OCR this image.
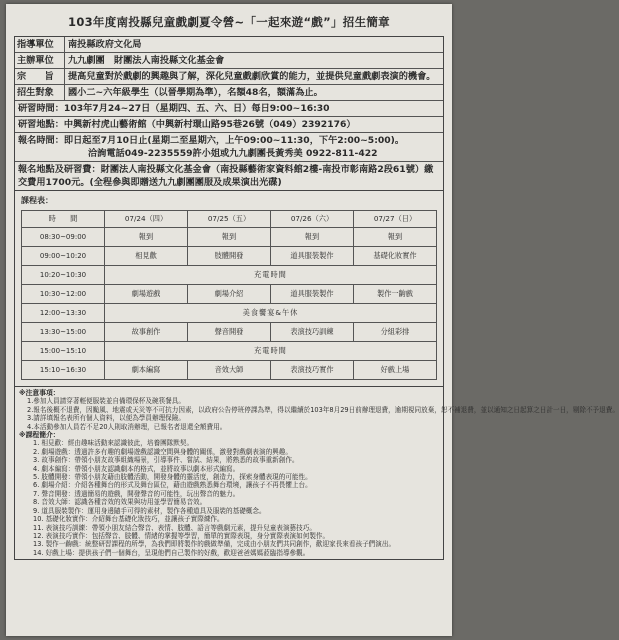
103年度南投縣兒童戲劇夏令營~「一起來遊“戲”」招生簡章
指導單位	南投縣政府文化局
主辦單位	九九劇團　財團法人南投縣文化基金會
宗　　旨	提高兒童對於戲劇的興趣與了解，深化兒童戲劇欣賞的能力，並提供兒童戲劇表演的機會。
招生對象	國小二~六年級學生（以晉學期為準），名額48名，額滿為止。
研習時間：103年7月24~27日（星期四、五、六、日）每日9:00~16:30
研習地點：中興新村虎山藝術館（中興新村環山路95巷26號（049）2392176）
報名時間：即日起至7月10日止(星期二至星期六，上午09:00~11:30，下午2:00~5:00)。
洽詢電話049-2235559許小姐或九九劇團長黃秀美 0922-811-422
報名地點及研習費：財團法人南投縣文化基金會（南投縣藝術家資料館2樓-南投市彰南路2段61號）繳交費用1700元。(全程參與即贈送九九劇團團服及成果演出光碟)
課程表：
時　　間	07/24（四）	07/25（五）	07/26（六）	07/27（日）
08:30~09:00	報到	報到	報到	報到
09:00~10:20	相見歡	肢體開發	道具服裝製作	基礎化妝實作
10:20~10:30	充電時間			
10:30~12:00	劇場遊戲	劇場介紹	道具服裝製作	製作一齣戲
12:00~13:30	美食饗宴&午休			
13:30~15:00	故事創作	聲音開發	表演技巧訓練	分組彩排
15:00~15:10	充電時間			
15:10~16:30	劇本編寫	音效大師	表演技巧實作	好戲上場
※注意事項：
1.參加人員請穿著輕便服裝並自備環保杯及碗筷餐具。
2.報名後概不退費，因颱風、地震或天災等不可抗力因素，以政府公告停班停課為準，得以繼續於103年8月29日前辦理退費，逾期視同放棄，恕不補退費，並以通知之日起算之日計一日，剔除不予退費。
3.請詳填報名表所有個人資料，以便為學員辦理保險。
4.本活動參加人員若不足20人則取消辦理，已報名者退還全額費用。
※課程簡介：
1. 相見歡：經由趣味活動來認識彼此，培養團隊默契。
2. 劇場遊戲：透過許多有趣的劇場遊戲認識空間與身體的關係，激發對戲劇表演的興趣。
3. 故事創作：帶領小朋友故事組織場景，引導事件、嘗試、結果，將熟悉的故事重新創作。
4. 劇本編寫：帶領小朋友認識劇本的格式，並將故事以劇本形式編寫。
5. 肢體開發：帶領小朋友藉由肢體活動，開發身體的靈活度，創造力，探索身體表現的可能性。
6. 劇場介紹：介紹各種舞台的形式及舞台區位，藉由遊戲熟悉舞台環境，讓孩子不再畏懼上台。
7. 聲音開發：透過簡易的遊戲，開發聲音的可能性，玩出聲音的魅力。
8. 音效大師：認識各種音效的效果與功用並學習簡易音效。
9. 道具服裝製作：運用身邊隨手可得的素材，製作各種道具及服裝的基礎概念。
10. 基礎化妝實作：介紹舞台基礎化妝技巧，並讓孩子實際練作。
11. 表演技巧訓練：帶領小朋友結合聲音、表情、肢體、語言等戲劇元素，提升兒童表演藝技巧。
12. 表演技巧實作：包括聲音、肢體、情緒的掌握等學習，簡單的實際表現，身分實際表演如何製作。
13. 製作一齣戲：統整研習課程的所學，為我們即將製作的戲做準備，完成由小朋友們共同創作，歡迎家長來看孩子們演出。
14. 好戲上場：提供孩子們一個舞台，呈現他們自己製作的好戲，歡迎爸爸媽媽蒞臨指導參觀。
